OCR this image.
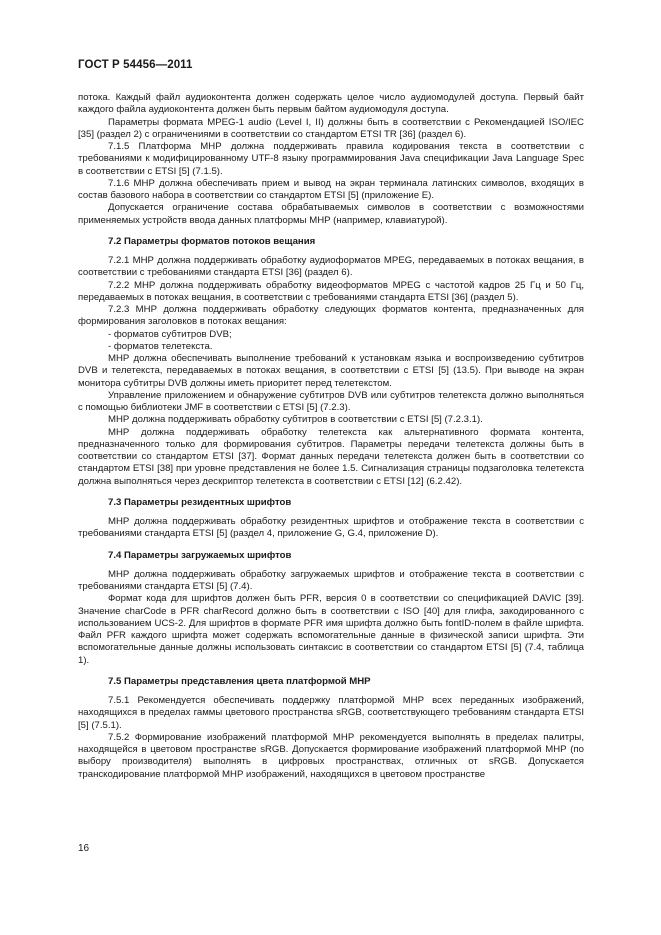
ГОСТ Р 54456—2011

потока. Каждый файл аудиоконтента должен содержать целое число аудиомодулей доступа. Первый байт каждого файла аудиоконтента должен быть первым байтом аудиомодуля доступа.

Параметры формата MPEG-1 audio (Level I, II) должны быть в соответствии с Рекомендацией ISO/IEC [35] (раздел 2) с ограничениями в соответствии со стандартом ETSI TR [36] (раздел 6).

7.1.5 Платформа МНР должна поддерживать правила кодирования текста в соответствии с требованиями к модифицированному UTF-8 языку программирования Java спецификации Java Language Spec в соответствии с ETSI [5] (7.1.5).

7.1.6 МНР должна обеспечивать прием и вывод на экран терминала латинских символов, входящих в состав базового набора в соответствии со стандартом ETSI [5] (приложение Е).

Допускается ограничение состава обрабатываемых символов в соответствии с возможностями применяемых устройств ввода данных платформы МНР (например, клавиатурой).

7.2 Параметры форматов потоков вещания

7.2.1 МНР должна поддерживать обработку аудиоформатов MPEG, передаваемых в потоках вещания, в соответствии с требованиями стандарта ETSI [36] (раздел 6).

7.2.2 МНР должна поддерживать обработку видеоформатов MPEG с частотой кадров 25 Гц и 50 Гц, передаваемых в потоках вещания, в соответствии с требованиями стандарта ETSI [36] (раздел 5).

7.2.3 МНР должна поддерживать обработку следующих форматов контента, предназначенных для формирования заголовков в потоках вещания:

- форматов субтитров DVB;

- форматов телетекста.

МНР должна обеспечивать выполнение требований к установкам языка и воспроизведению субтитров DVB и телетекста, передаваемых в потоках вещания, в соответствии с ETSI [5] (13.5). При выводе на экран монитора субтитры DVB должны иметь приоритет перед телетекстом.

Управление приложением и обнаружение субтитров DVB или субтитров телетекста должно выполняться с помощью библиотеки JMF в соответствии с ETSI [5] (7.2.3).

МНР должна поддерживать обработку субтитров в соответствии с ETSI [5] (7.2.3.1).

МНР должна поддерживать обработку телетекста как альтернативного формата контента, предназначенного только для формирования субтитров. Параметры передачи телетекста должны быть в соответствии со стандартом ETSI [37]. Формат данных передачи телетекста должен быть в соответствии со стандартом ETSI [38] при уровне представления не более 1.5. Сигнализация страницы подзаголовка телетекста должна выполняться через дескриптор телетекста в соответствии с ETSI [12] (6.2.42).

7.3 Параметры резидентных шрифтов

МНР должна поддерживать обработку резидентных шрифтов и отображение текста в соответствии с требованиями стандарта ETSI [5] (раздел 4, приложение G, G.4, приложение D).

7.4 Параметры загружаемых шрифтов

МНР должна поддерживать обработку загружаемых шрифтов и отображение текста в соответствии с требованиями стандарта ETSI [5] (7.4).

Формат кода для шрифтов должен быть PFR, версия 0 в соответствии со спецификацией DAVIC [39]. Значение charCode в PFR charRecord должно быть в соответствии с ISO [40] для глифа, закодированного с использованием UCS-2. Для шрифтов в формате PFR имя шрифта должно быть fontID-полем в файле шрифта. Файл PFR каждого шрифта может содержать вспомогательные данные в физической записи шрифта. Эти вспомогательные данные должны использовать синтаксис в соответствии со стандартом ETSI [5] (7.4, таблица 1).

7.5 Параметры представления цвета платформой МНР

7.5.1 Рекомендуется обеспечивать поддержку платформой МНР всех переданных изображений, находящихся в пределах гаммы цветового пространства sRGB, соответствующего требованиям стандарта ETSI [5] (7.5.1).

7.5.2 Формирование изображений платформой МНР рекомендуется выполнять в пределах палитры, находящейся в цветовом пространстве sRGB. Допускается формирование изображений платформой МНР (по выбору производителя) выполнять в цифровых пространствах, отличных от sRGB. Допускается транскодирование платформой МНР изображений, находящихся в цветовом пространстве

16
